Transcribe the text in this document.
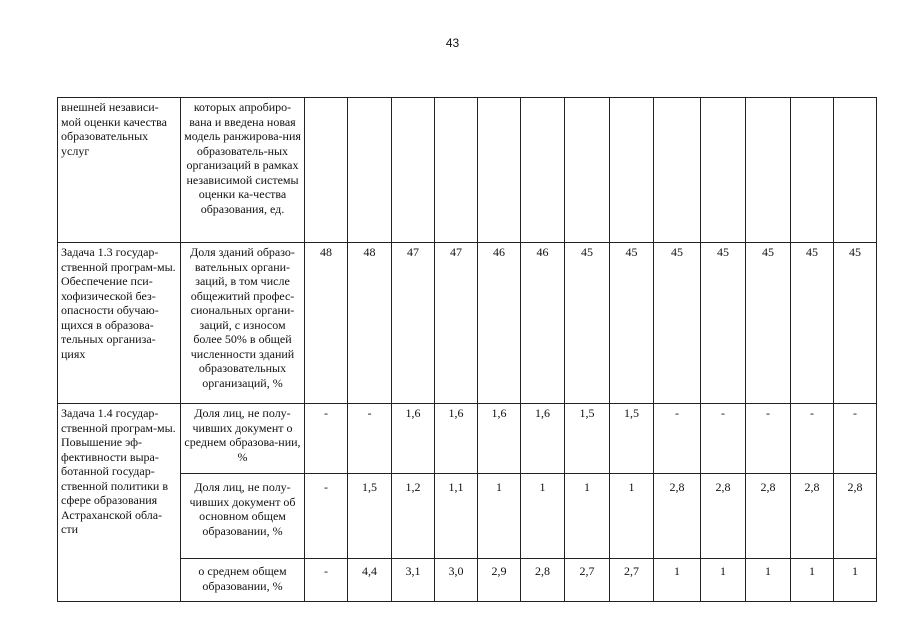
43
внешней независи-мой оценки качества образовательных услуг	которых апробиро-вана и введена новая модель ранжирова-ния образователь-ных организаций в рамках независимой системы оценки ка-чества образования, ед.													
Задача 1.3 государ-ственной програм-мы. Обеспечение пси-хофизической без-опасности обучаю-щихся в образова-тельных организа-циях	Доля зданий образо-вательных органи-заций, в том числе общежитий профес-сиональных органи-заций, с износом более 50% в общей численности зданий образовательных организаций, %	48	48	47	47	46	46	45	45	45	45	45	45	45
Задача 1.4 государ-ственной програм-мы. Повышение эф-фективности выра-ботанной государ-ственной политики в сфере образования Астраханской обла-сти	Доля лиц, не полу-чивших документ о среднем образова-нии, %	-	-	1,6	1,6	1,6	1,6	1,5	1,5	-	-	-	-	-
	Доля лиц, не полу-чивших документ об основном общем образовании, %	-	1,5	1,2	1,1	1	1	1	1	2,8	2,8	2,8	2,8	2,8
	о среднем общем образовании, %	-	4,4	3,1	3,0	2,9	2,8	2,7	2,7	1	1	1	1	1
